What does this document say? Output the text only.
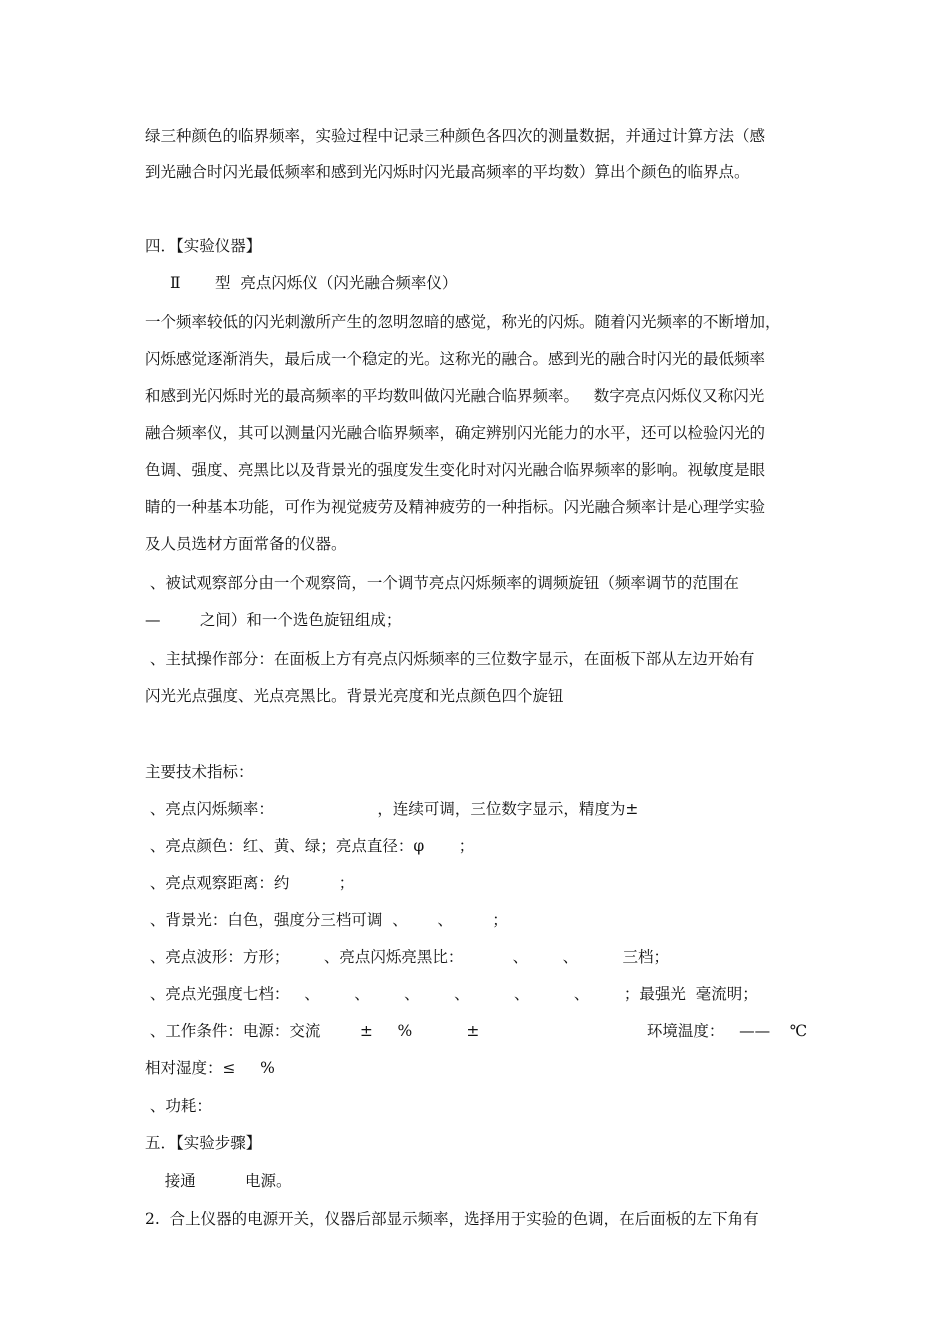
绿三种颜色的临界频率，实验过程中记录三种颜色各四次的测量数据，并通过计算方法（感
到光融合时闪光最低频率和感到光闪烁时闪光最高频率的平均数）算出个颜色的临界点。
四．【实验仪器】
Ⅱ       型  亮点闪烁仪（闪光融合频率仪）
一个频率较低的闪光刺激所产生的忽明忽暗的感觉，称光的闪烁。随着闪光频率的不断增加，
闪烁感觉逐渐消失，最后成一个稳定的光。这称光的融合。感到光的融合时闪光的最低频率
和感到光闪烁时光的最高频率的平均数叫做闪光融合临界频率。   数字亮点闪烁仪又称闪光
融合频率仪，其可以测量闪光融合临界频率，确定辨别闪光能力的水平，还可以检验闪光的
色调、强度、亮黑比以及背景光的强度发生变化时对闪光融合临界频率的影响。视敏度是眼
睛的一种基本功能，可作为视觉疲劳及精神疲劳的一种指标。闪光融合频率计是心理学实验
及人员选材方面常备的仪器。
、被试观察部分由一个观察筒，一个调节亮点闪烁频率的调频旋钮（频率调节的范围在
—        之间）和一个选色旋钮组成；
、主拭操作部分：在面板上方有亮点闪烁频率的三位数字显示，在面板下部从左边开始有
闪光光点强度、光点亮黑比。背景光亮度和光点颜色四个旋钮
主要技术指标：
、亮点闪烁频率：                     ，连续可调，三位数字显示，精度为±
、亮点颜色：红、黄、绿；亮点直径：φ       ；
、亮点观察距离：约          ；
、背景光：白色，强度分三档可调  、      、        ；
、亮点波形：方形；       、亮点闪烁亮黑比：          、       、         三档；
、亮点光强度七档：   、       、       、       、         、         、       ；最强光  毫流明；
、工作条件：电源：交流        ±     %           ±                                  环境温度：   ——    ℃
相对湿度：≤     %
、功耗：
五．【实验步骤】
接通          电源。
2.  合上仪器的电源开关，仪器后部显示频率，选择用于实验的色调，在后面板的左下角有
